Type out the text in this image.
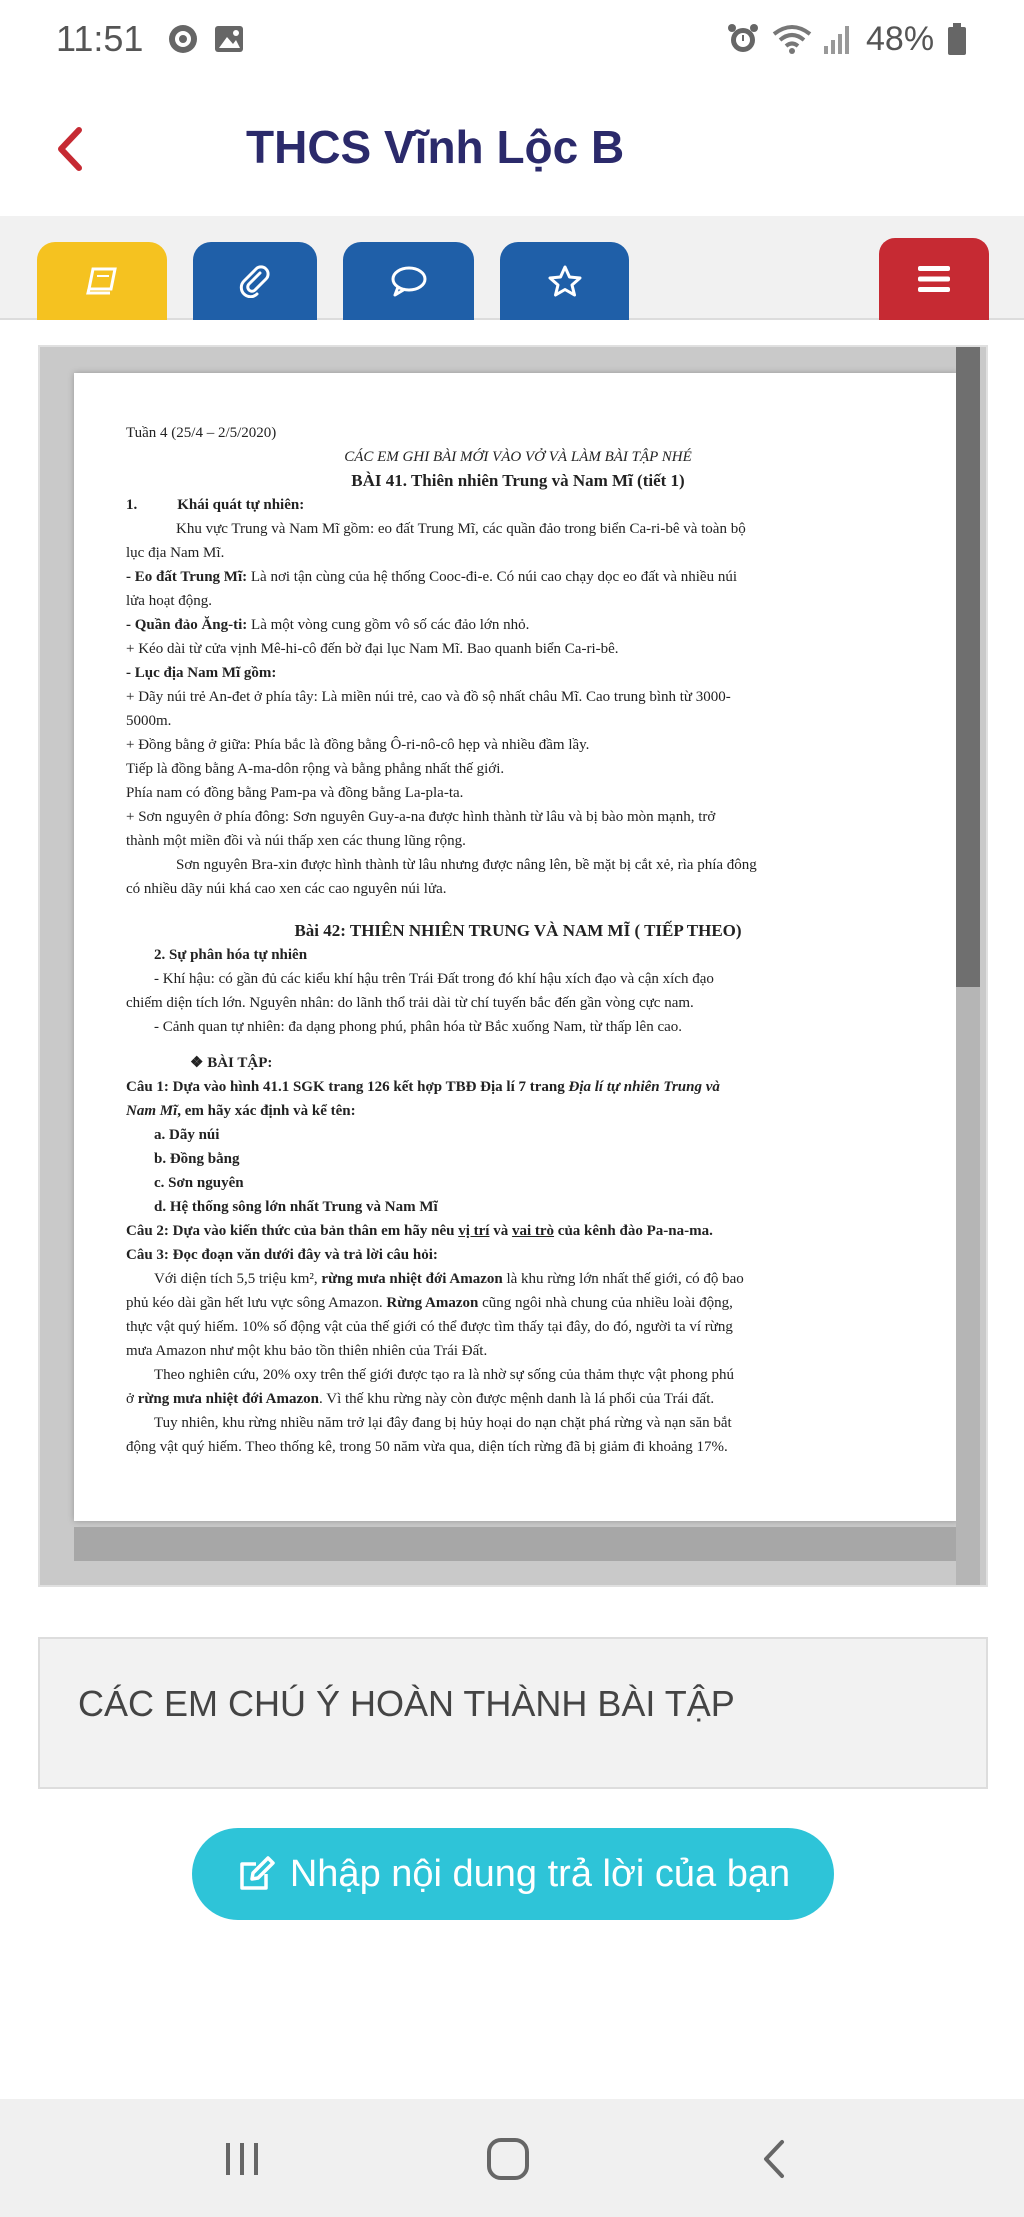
11:51	48%
THCS Vĩnh Lộc B
Tuần 4 (25/4 – 2/5/2020)
CÁC EM GHI BÀI MỚI VÀO VỞ VÀ LÀM BÀI TẬP NHÉ
BÀI 41. Thiên nhiên Trung và Nam Mĩ (tiết 1)
1.	Khái quát tự nhiên:
Khu vực Trung và Nam Mĩ gồm: eo đất Trung Mĩ, các quần đảo trong biển Ca-ri-bê và toàn bộ
lục địa Nam Mĩ.
- Eo đất Trung Mĩ: Là nơi tận cùng của hệ thống Cooc-đi-e. Có núi cao chạy dọc eo đất và nhiều núi
lửa hoạt động.
- Quần đảo Ăng-ti: Là một vòng cung gồm vô số các đảo lớn nhỏ.
+ Kéo dài từ cửa vịnh Mê-hi-cô đến bờ đại lục Nam Mĩ. Bao quanh biển Ca-ri-bê.
- Lục địa Nam Mĩ gồm:
+ Dãy núi trẻ An-đet ở phía tây: Là miền núi trẻ, cao và đồ sộ nhất châu Mĩ. Cao trung bình từ 3000-
5000m.
+ Đồng bằng ở giữa: Phía bắc là đồng bằng Ô-ri-nô-cô hẹp và nhiều đầm lầy.
Tiếp là đồng bằng A-ma-dôn rộng và bằng phẳng nhất thế giới.
Phía nam có đồng bằng Pam-pa và đồng bằng La-pla-ta.
+ Sơn nguyên ở phía đông: Sơn nguyên Guy-a-na được hình thành từ lâu và bị bào mòn mạnh, trở
thành một miền đồi và núi thấp xen các thung lũng rộng.
Sơn nguyên Bra-xin được hình thành từ lâu nhưng được nâng lên, bề mặt bị cắt xẻ, rìa phía đông
có nhiều dãy núi khá cao xen các cao nguyên núi lửa.
Bài 42: THIÊN NHIÊN TRUNG VÀ NAM MĨ ( TIẾP THEO)
2. Sự phân hóa tự nhiên
- Khí hậu: có gần đủ các kiểu khí hậu trên Trái Đất trong đó khí hậu xích đạo và cận xích đạo
chiếm diện tích lớn. Nguyên nhân: do lãnh thổ trải dài từ chí tuyến bắc đến gần vòng cực nam.
- Cảnh quan tự nhiên: đa dạng phong phú, phân hóa từ Bắc xuống Nam, từ thấp lên cao.
❖ BÀI TẬP:
Câu 1: Dựa vào hình 41.1 SGK trang 126 kết hợp TBĐ Địa lí 7 trang Địa lí tự nhiên Trung và
Nam Mĩ, em hãy xác định và kể tên:
a. Dãy núi
b. Đồng bằng
c. Sơn nguyên
d. Hệ thống sông lớn nhất Trung và Nam Mĩ
Câu 2: Dựa vào kiến thức của bản thân em hãy nêu vị trí và vai trò của kênh đào Pa-na-ma.
Câu 3: Đọc đoạn văn dưới đây và trả lời câu hỏi:
Với diện tích 5,5 triệu km², rừng mưa nhiệt đới Amazon là khu rừng lớn nhất thế giới, có độ bao
phủ kéo dài gần hết lưu vực sông Amazon. Rừng Amazon cũng ngôi nhà chung của nhiều loài động,
thực vật quý hiếm. 10% số động vật của thế giới có thể được tìm thấy tại đây, do đó, người ta ví rừng
mưa Amazon như một khu bảo tồn thiên nhiên của Trái Đất.
Theo nghiên cứu, 20% oxy trên thế giới được tạo ra là nhờ sự sống của thảm thực vật phong phú
ở rừng mưa nhiệt đới Amazon. Vì thế khu rừng này còn được mệnh danh là lá phổi của Trái đất.
Tuy nhiên, khu rừng nhiều năm trở lại đây đang bị hủy hoại do nạn chặt phá rừng và nạn săn bắt
động vật quý hiếm. Theo thống kê, trong 50 năm vừa qua, diện tích rừng đã bị giảm đi khoảng 17%.
CÁC EM CHÚ Ý HOÀN THÀNH BÀI TẬP
Nhập nội dung trả lời của bạn
